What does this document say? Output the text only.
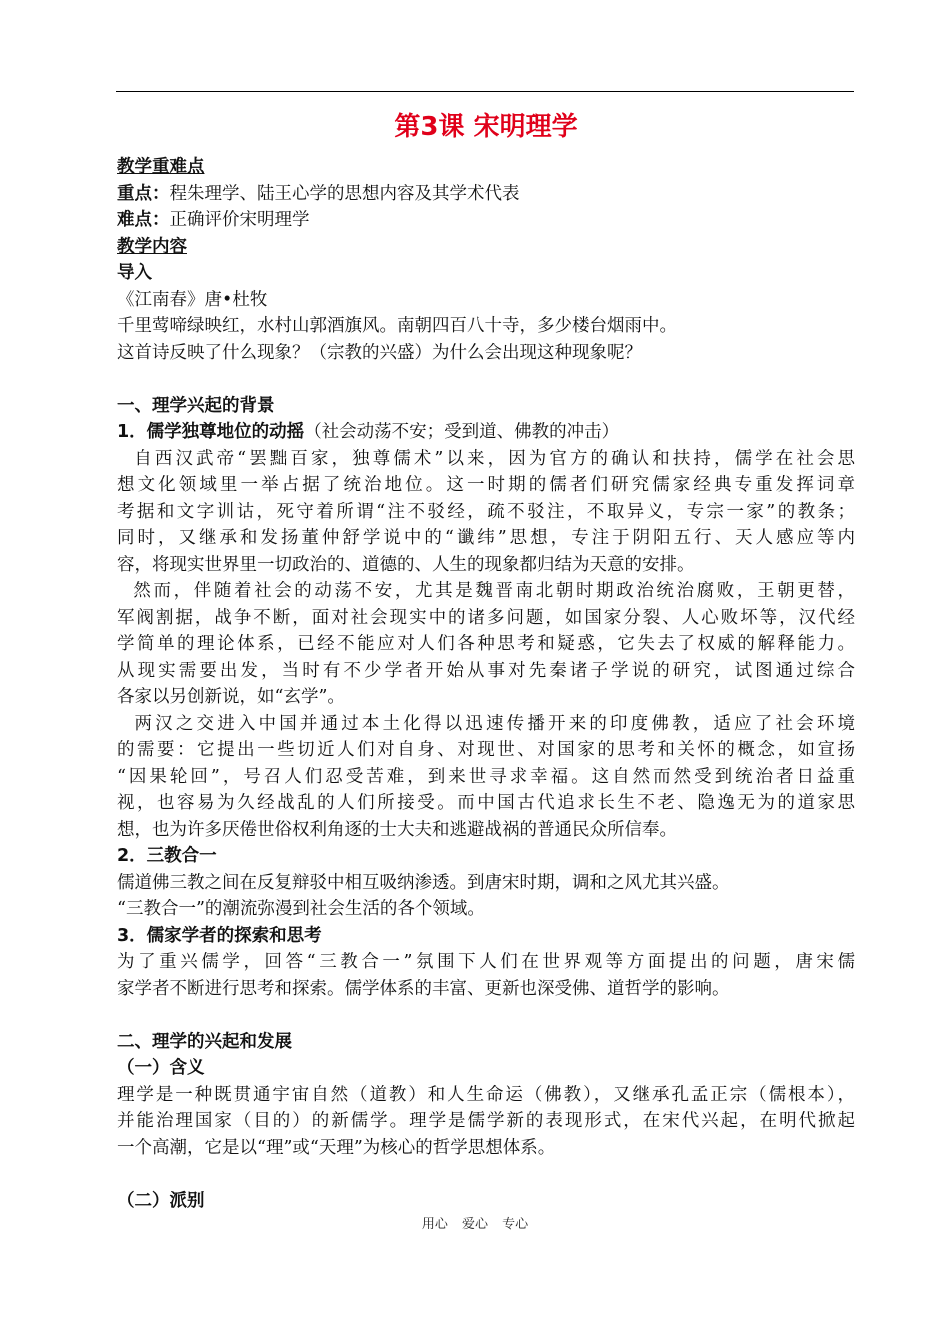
第3课 宋明理学
教学重难点
重点：程朱理学、陆王心学的思想内容及其学术代表
难点：正确评价宋明理学
教学内容
导入
《江南春》唐•杜牧
千里莺啼绿映红，水村山郭酒旗风。南朝四百八十寺，多少楼台烟雨中。
这首诗反映了什么现象？（宗教的兴盛）为什么会出现这种现象呢？
一、理学兴起的背景
1．儒学独尊地位的动摇（社会动荡不安；受到道、佛教的冲击）
自西汉武帝“罢黜百家，独尊儒术”以来，因为官方的确认和扶持，儒学在社会思
想文化领域里一举占据了统治地位。这一时期的儒者们研究儒家经典专重发挥词章
考据和文字训诂，死守着所谓“注不驳经，疏不驳注，不取异义，专宗一家”的教条；
同时，又继承和发扬董仲舒学说中的“谶纬”思想，专注于阴阳五行、天人感应等内
容，将现实世界里一切政治的、道德的、人生的现象都归结为天意的安排。
然而，伴随着社会的动荡不安，尤其是魏晋南北朝时期政治统治腐败，王朝更替，
军阀割据，战争不断，面对社会现实中的诸多问题，如国家分裂、人心败坏等，汉代经
学简单的理论体系，已经不能应对人们各种思考和疑惑，它失去了权威的解释能力。
从现实需要出发，当时有不少学者开始从事对先秦诸子学说的研究，试图通过综合
各家以另创新说，如“玄学”。
两汉之交进入中国并通过本土化得以迅速传播开来的印度佛教，适应了社会环境
的需要：它提出一些切近人们对自身、对现世、对国家的思考和关怀的概念，如宣扬
“因果轮回”，号召人们忍受苦难，到来世寻求幸福。这自然而然受到统治者日益重
视，也容易为久经战乱的人们所接受。而中国古代追求长生不老、隐逸无为的道家思
想，也为许多厌倦世俗权利角逐的士大夫和逃避战祸的普通民众所信奉。
2．三教合一
儒道佛三教之间在反复辩驳中相互吸纳渗透。到唐宋时期，调和之风尤其兴盛。
“三教合一”的潮流弥漫到社会生活的各个领域。
3．儒家学者的探索和思考
为了重兴儒学，回答“三教合一”氛围下人们在世界观等方面提出的问题，唐宋儒
家学者不断进行思考和探索。儒学体系的丰富、更新也深受佛、道哲学的影响。
二、理学的兴起和发展
（一）含义
理学是一种既贯通宇宙自然（道教）和人生命运（佛教），又继承孔孟正宗（儒根本），
并能治理国家（目的）的新儒学。理学是儒学新的表现形式，在宋代兴起，在明代掀起
一个高潮，它是以“理”或“天理”为核心的哲学思想体系。
（二）派别
用心 爱心 专心
